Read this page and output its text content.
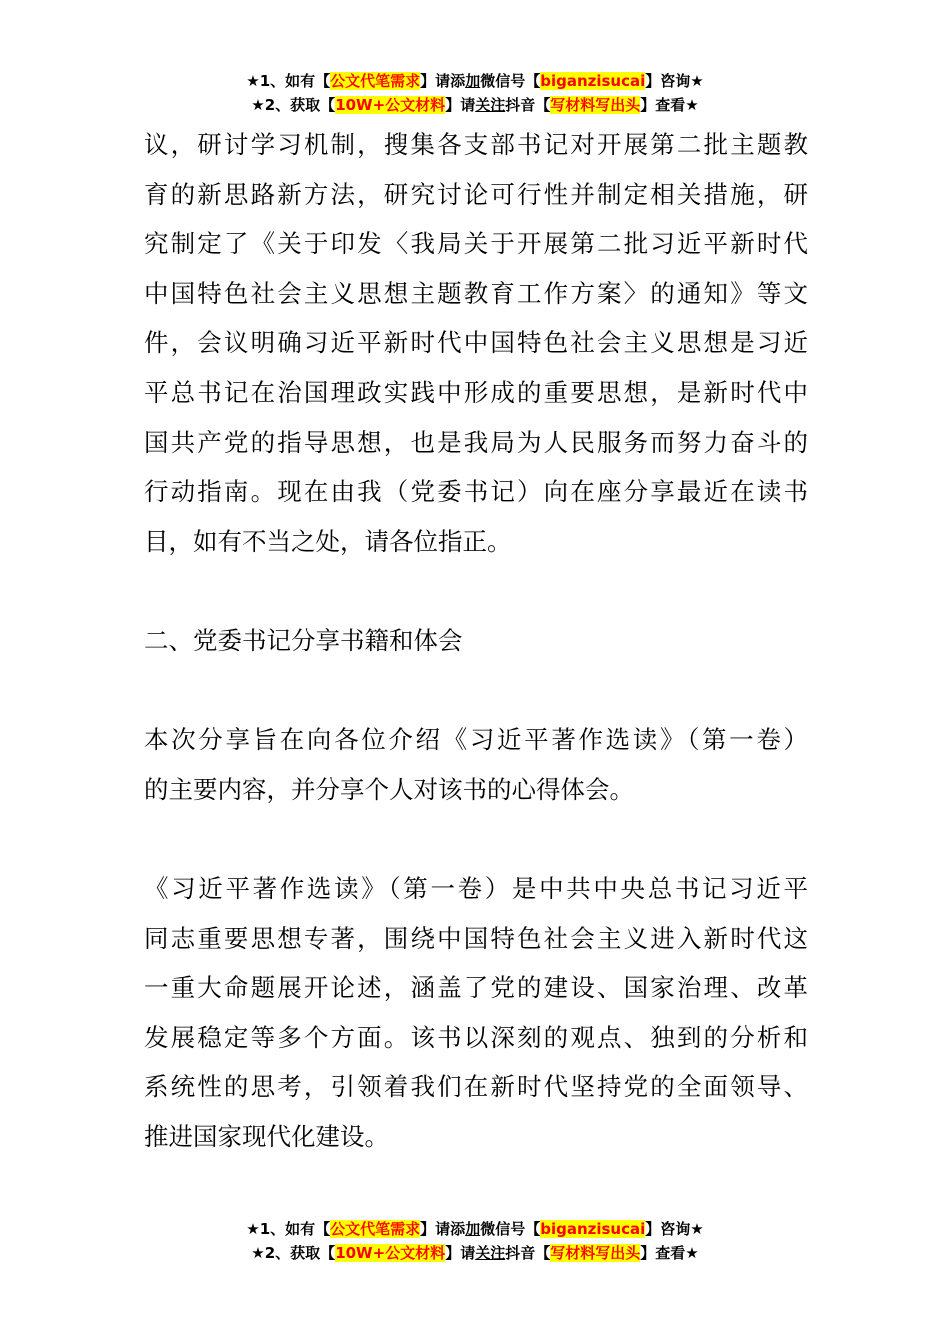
★1、如有【公文代笔需求】请添加微信号【biganzisucai】咨询★
★2、获取【10W+公文材料】请关注抖音【写材料写出头】查看★
议，研讨学习机制，搜集各支部书记对开展第二批主题教
育的新思路新方法，研究讨论可行性并制定相关措施，研
究制定了《关于印发〈我局关于开展第二批习近平新时代
中国特色社会主义思想主题教育工作方案〉的通知》等文
件，会议明确习近平新时代中国特色社会主义思想是习近
平总书记在治国理政实践中形成的重要思想，是新时代中
国共产党的指导思想，也是我局为人民服务而努力奋斗的
行动指南。现在由我（党委书记）向在座分享最近在读书
目，如有不当之处，请各位指正。
二、党委书记分享书籍和体会
本次分享旨在向各位介绍《习近平著作选读》（第一卷）
的主要内容，并分享个人对该书的心得体会。
《习近平著作选读》（第一卷）是中共中央总书记习近平
同志重要思想专著，围绕中国特色社会主义进入新时代这
一重大命题展开论述，涵盖了党的建设、国家治理、改革
发展稳定等多个方面。该书以深刻的观点、独到的分析和
系统性的思考，引领着我们在新时代坚持党的全面领导、
推进国家现代化建设。
★1、如有【公文代笔需求】请添加微信号【biganzisucai】咨询★
★2、获取【10W+公文材料】请关注抖音【写材料写出头】查看★
